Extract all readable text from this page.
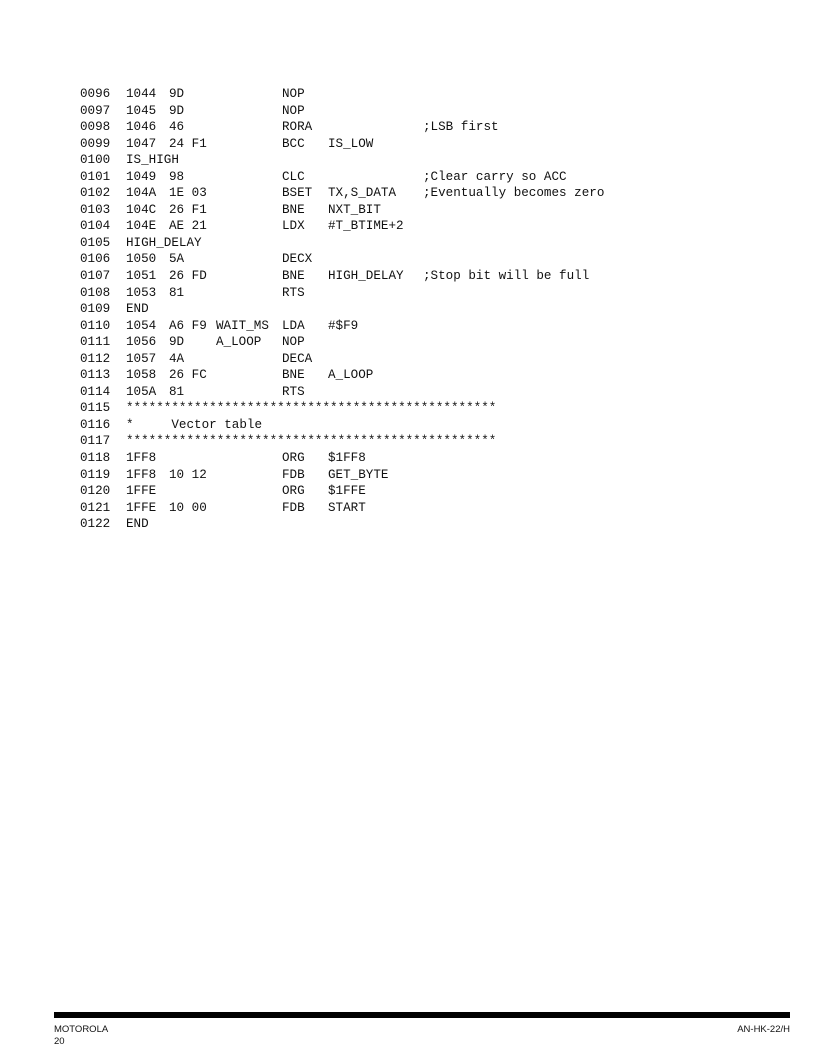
0096 1044 9D	NOP
0097 1045 9D	NOP
0098 1046 46	RORA	;LSB first
0099 1047 24 F1	BCC IS_LOW
0100 IS_HIGH
0101 1049 98	CLC	;Clear carry so ACC
0102 104A 1E 03	BSET TX,S_DATA ;Eventually becomes zero
0103 104C 26 F1	BNE NXT_BIT
0104 104E AE 21	LDX #T_BTIME+2
0105 HIGH_DELAY
0106 1050 5A	DECX
0107 1051 26 FD	BNE HIGH_DELAY ;Stop bit will be full
0108 1053 81	RTS
0109 END
0110 1054 A6 F9 WAIT_MS LDA #$F9
0111 1056 9D	A_LOOP NOP
0112 1057 4A	DECA
0113 1058 26 FC	BNE A_LOOP
0114 105A 81	RTS
0115 *************************************************
0116 *     Vector table
0117 *************************************************
0118 1FF8	ORG $1FF8
0119 1FF8 10 12	FDB GET_BYTE
0120 1FFE	ORG $1FFE
0121 1FFE 10 00	FDB START
0122 END
MOTOROLA
20
AN-HK-22/H
